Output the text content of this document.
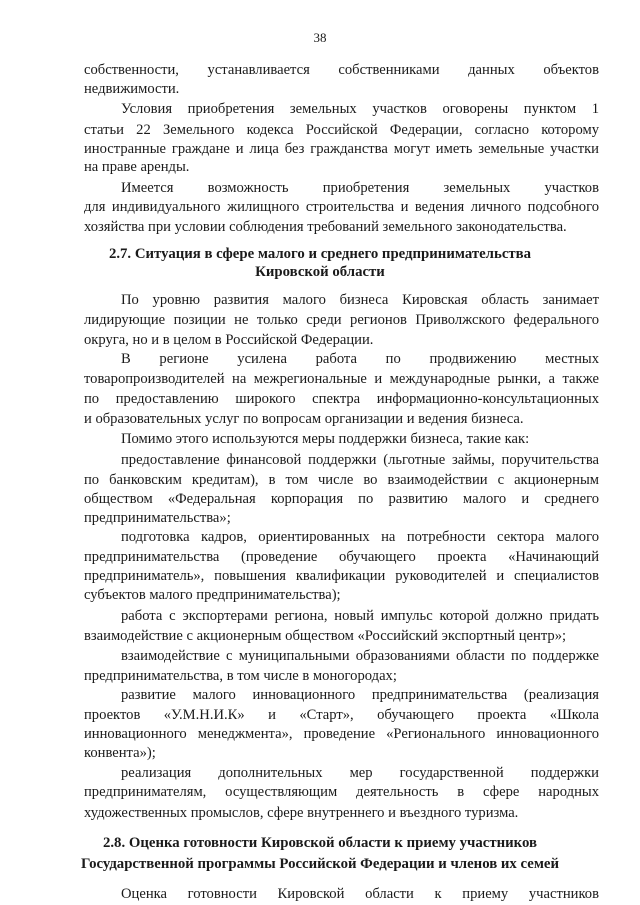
38
собственности, устанавливается собственниками данных объектов
недвижимости.
Условия приобретения земельных участков оговорены пунктом 1
статьи 22 Земельного кодекса Российской Федерации, согласно которому
иностранные граждане и лица без гражданства могут иметь земельные участки
на праве аренды.
Имеется возможность приобретения земельных участков
для индивидуального жилищного строительства и ведения личного подсобного
хозяйства при условии соблюдения требований земельного законодательства.
2.7. Ситуация в сфере малого и среднего предпринимательства
Кировской области
По уровню развития малого бизнеса Кировская область занимает
лидирующие позиции не только среди регионов Приволжского федерального
округа, но и в целом в Российской Федерации.
В регионе усилена работа по продвижению местных
товаропроизводителей на межрегиональные и международные рынки, а также
по предоставлению широкого спектра информационно-консультационных
и образовательных услуг по вопросам организации и ведения бизнеса.
Помимо этого используются меры поддержки бизнеса, такие как:
предоставление финансовой поддержки (льготные займы, поручительства
по банковским кредитам), в том числе во взаимодействии с акционерным
обществом «Федеральная корпорация по развитию малого и среднего
предпринимательства»;
подготовка кадров, ориентированных на потребности сектора малого
предпринимательства (проведение обучающего проекта «Начинающий
предприниматель», повышения квалификации руководителей и специалистов
субъектов малого предпринимательства);
работа с экспортерами региона, новый импульс которой должно придать
взаимодействие с акционерным обществом «Российский экспортный центр»;
взаимодействие с муниципальными образованиями области по поддержке
предпринимательства, в том числе в моногородах;
развитие малого инновационного предпринимательства (реализация
проектов «У.М.Н.И.К» и «Старт», обучающего проекта «Школа
инновационного менеджмента», проведение «Регионального инновационного
конвента»);
реализация дополнительных мер государственной поддержки
предпринимателям, осуществляющим деятельность в сфере народных
художественных промыслов, сфере внутреннего и въездного туризма.
2.8. Оценка готовности Кировской области к приему участников
Государственной программы Российской Федерации и членов их семей
Оценка готовности Кировской области к приему участников
